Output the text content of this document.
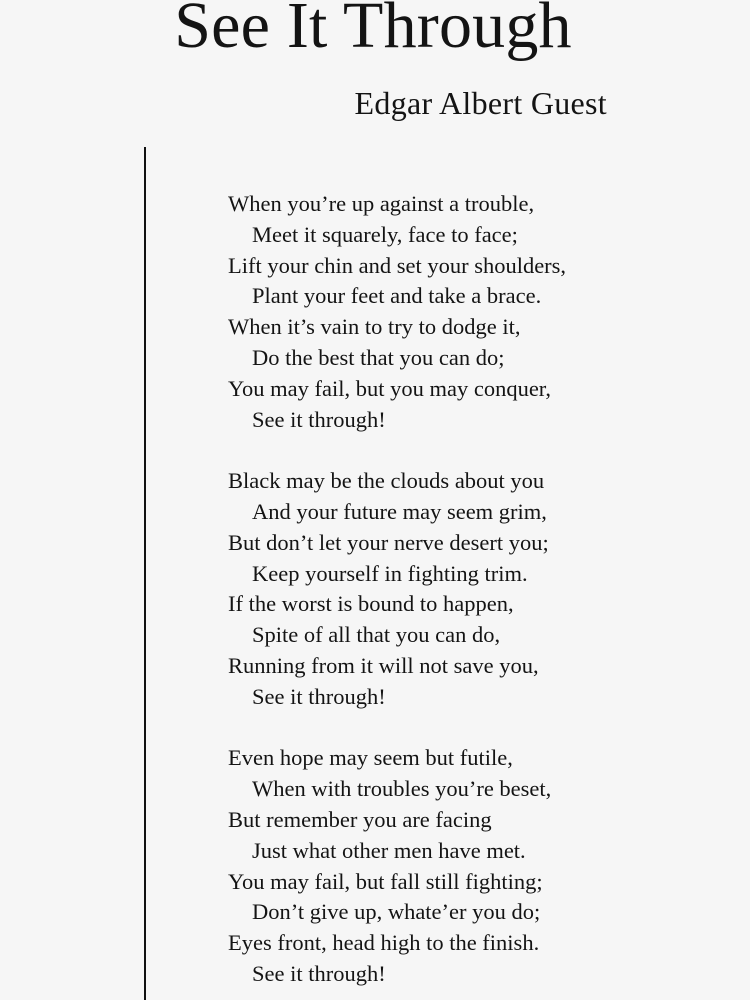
See It Through
Edgar Albert Guest
When you’re up against a trouble,
Meet it squarely, face to face;
Lift your chin and set your shoulders,
Plant your feet and take a brace.
When it’s vain to try to dodge it,
Do the best that you can do;
You may fail, but you may conquer,
See it through!
Black may be the clouds about you
And your future may seem grim,
But don’t let your nerve desert you;
Keep yourself in fighting trim.
If the worst is bound to happen,
Spite of all that you can do,
Running from it will not save you,
See it through!
Even hope may seem but futile,
When with troubles you’re beset,
But remember you are facing
Just what other men have met.
You may fail, but fall still fighting;
Don’t give up, whate’er you do;
Eyes front, head high to the finish.
See it through!
